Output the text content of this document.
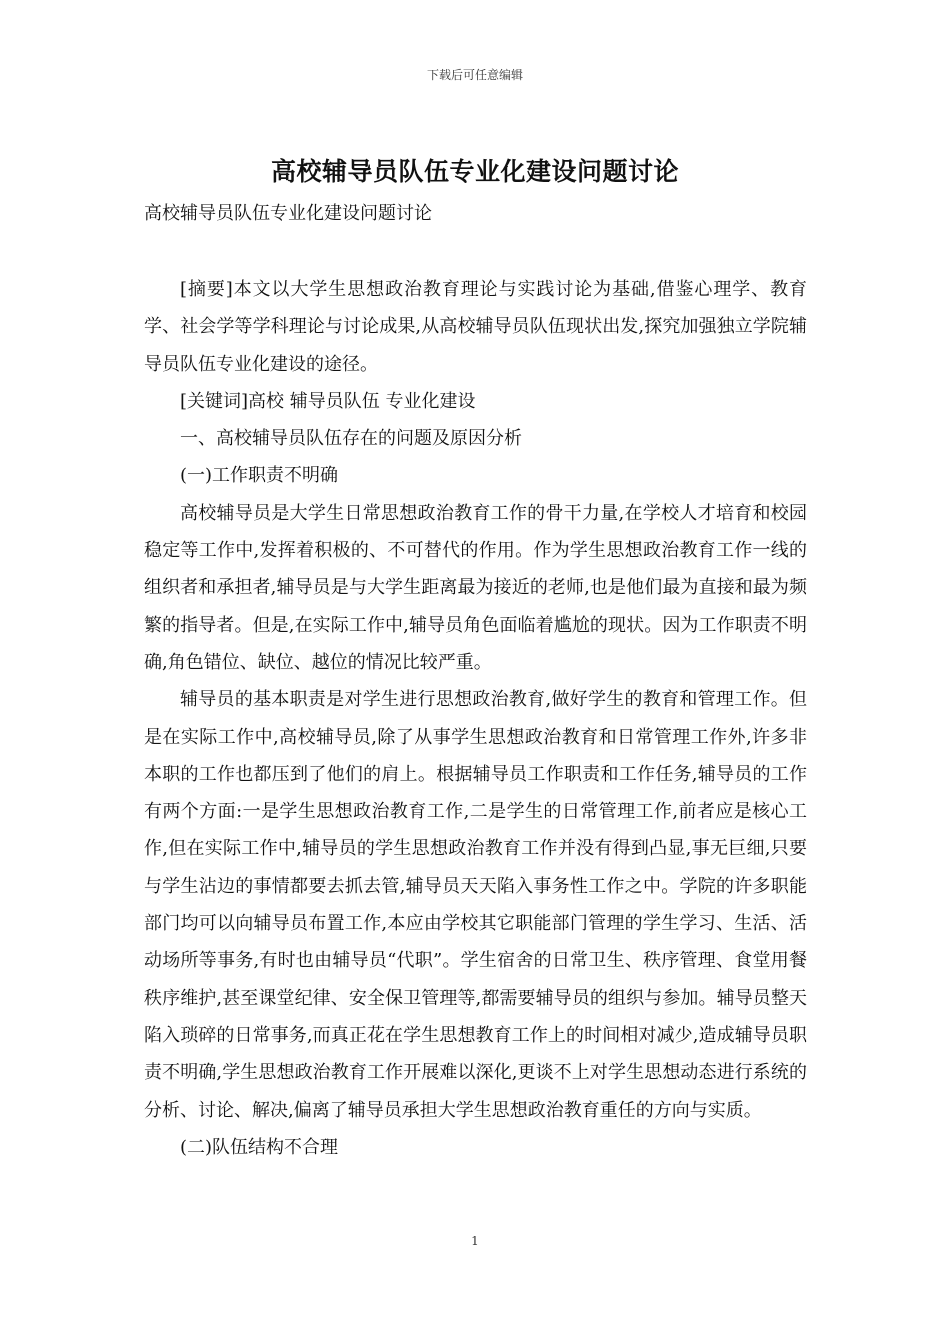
下载后可任意编辑
高校辅导员队伍专业化建设问题讨论
高校辅导员队伍专业化建设问题讨论

[摘要]本文以大学生思想政治教育理论与实践讨论为基础,借鉴心理学、教育学、社会学等学科理论与讨论成果,从高校辅导员队伍现状出发,探究加强独立学院辅导员队伍专业化建设的途径。

[关键词]高校 辅导员队伍 专业化建设

一、高校辅导员队伍存在的问题及原因分析

(一)工作职责不明确

高校辅导员是大学生日常思想政治教育工作的骨干力量,在学校人才培育和校园稳定等工作中,发挥着积极的、不可替代的作用。作为学生思想政治教育工作一线的组织者和承担者,辅导员是与大学生距离最为接近的老师,也是他们最为直接和最为频繁的指导者。但是,在实际工作中,辅导员角色面临着尴尬的现状。因为工作职责不明确,角色错位、缺位、越位的情况比较严重。

辅导员的基本职责是对学生进行思想政治教育,做好学生的教育和管理工作。但是在实际工作中,高校辅导员,除了从事学生思想政治教育和日常管理工作外,许多非本职的工作也都压到了他们的肩上。根据辅导员工作职责和工作任务,辅导员的工作有两个方面:一是学生思想政治教育工作,二是学生的日常管理工作,前者应是核心工作,但在实际工作中,辅导员的学生思想政治教育工作并没有得到凸显,事无巨细,只要与学生沾边的事情都要去抓去管,辅导员天天陷入事务性工作之中。学院的许多职能部门均可以向辅导员布置工作,本应由学校其它职能部门管理的学生学习、生活、活动场所等事务,有时也由辅导员“代职”。学生宿舍的日常卫生、秩序管理、食堂用餐秩序维护,甚至课堂纪律、安全保卫管理等,都需要辅导员的组织与参加。辅导员整天陷入琐碎的日常事务,而真正花在学生思想教育工作上的时间相对减少,造成辅导员职责不明确,学生思想政治教育工作开展难以深化,更谈不上对学生思想动态进行系统的分析、讨论、解决,偏离了辅导员承担大学生思想政治教育重任的方向与实质。

(二)队伍结构不合理

1
